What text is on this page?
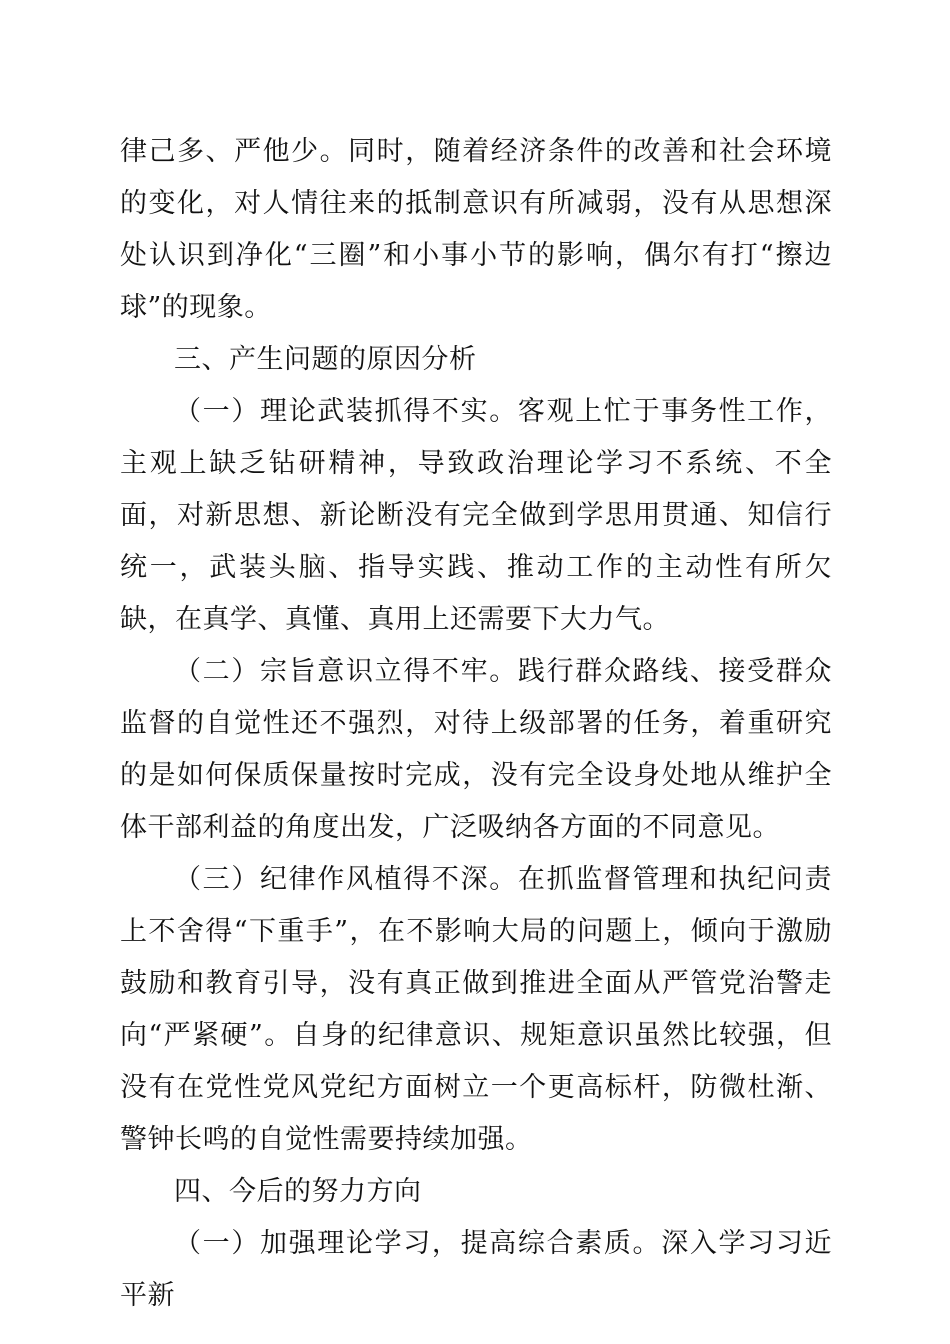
律己多、严他少。同时，随着经济条件的改善和社会环境的变化，对人情往来的抵制意识有所减弱，没有从思想深处认识到净化“三圈”和小事小节的影响，偶尔有打“擦边球”的现象。

三、产生问题的原因分析

（一）理论武装抓得不实。客观上忙于事务性工作，主观上缺乏钻研精神，导致政治理论学习不系统、不全面，对新思想、新论断没有完全做到学思用贯通、知信行统一，武装头脑、指导实践、推动工作的主动性有所欠缺，在真学、真懂、真用上还需要下大力气。

（二）宗旨意识立得不牢。践行群众路线、接受群众监督的自觉性还不强烈，对待上级部署的任务，着重研究的是如何保质保量按时完成，没有完全设身处地从维护全体干部利益的角度出发，广泛吸纳各方面的不同意见。

（三）纪律作风植得不深。在抓监督管理和执纪问责上不舍得“下重手”，在不影响大局的问题上，倾向于激励鼓励和教育引导，没有真正做到推进全面从严管党治警走向“严紧硬”。自身的纪律意识、规矩意识虽然比较强，但没有在党性党风党纪方面树立一个更高标杆，防微杜渐、警钟长鸣的自觉性需要持续加强。

四、今后的努力方向

（一）加强理论学习，提高综合素质。深入学习习近平新
